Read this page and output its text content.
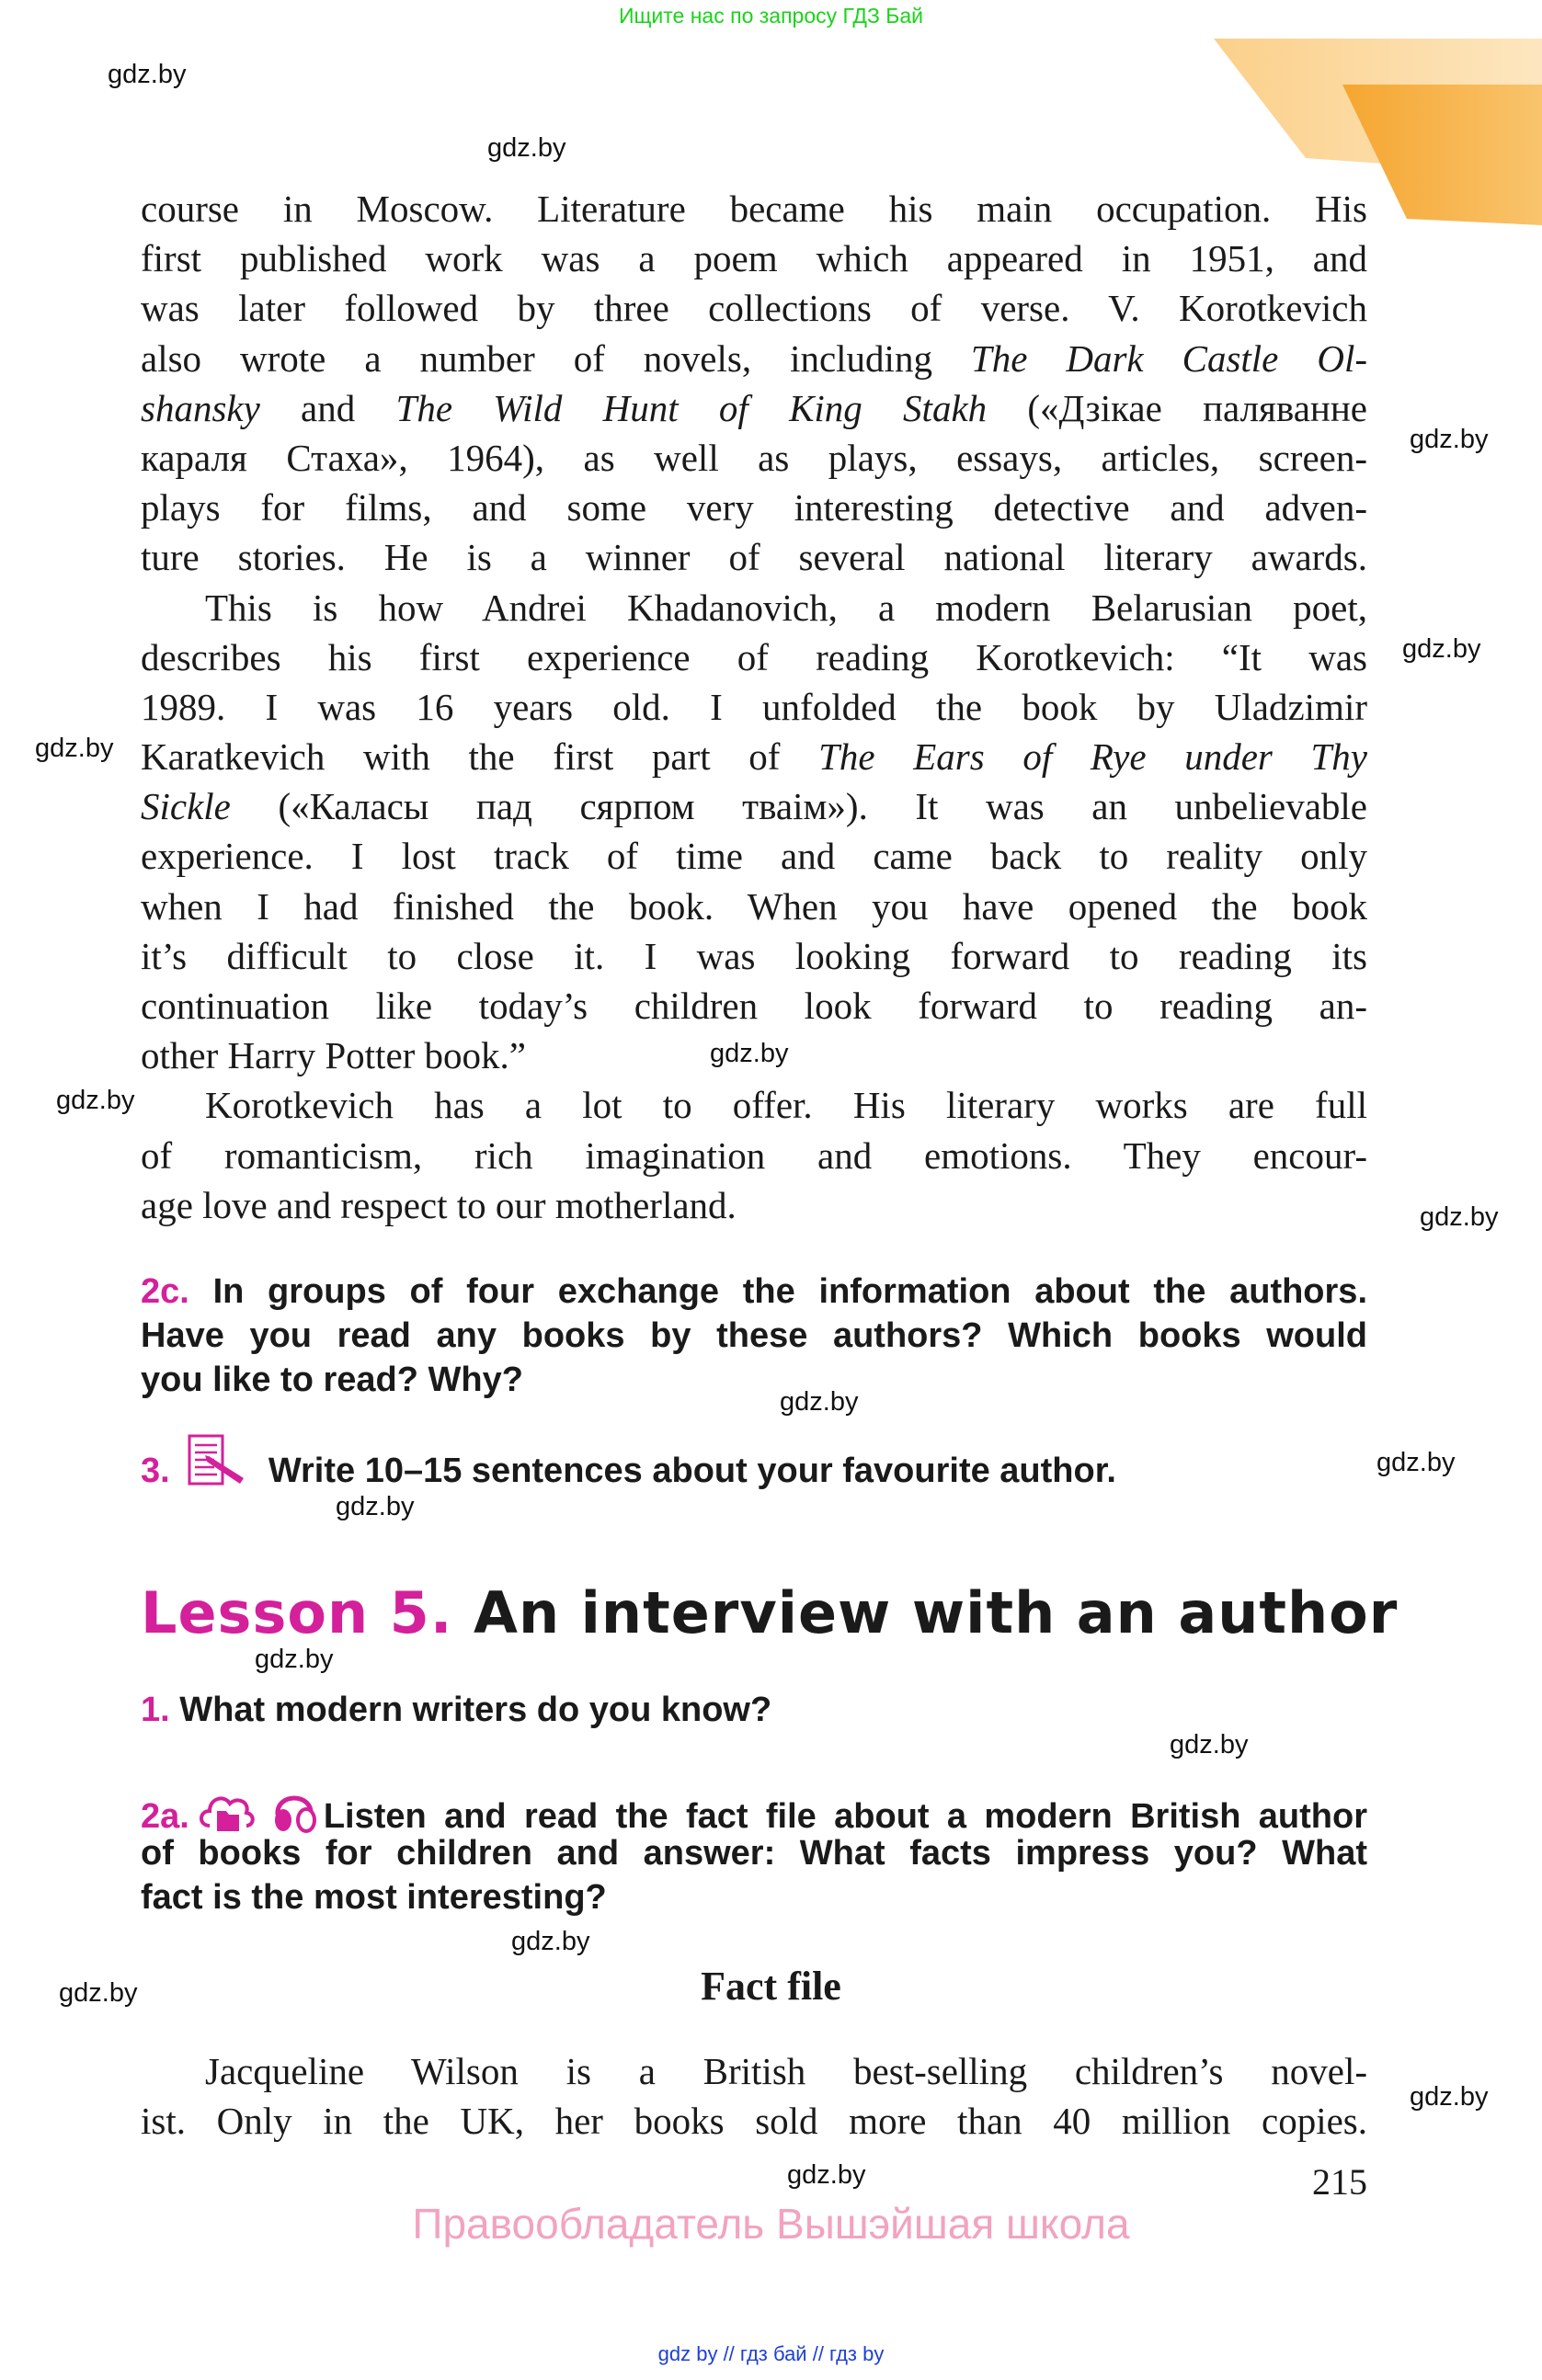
Ищите нас по запросу ГДЗ Бай
gdz.by
gdz.by
gdz.by
gdz.by
gdz.by
gdz.by
gdz.by
gdz.by
gdz.by
gdz.by
gdz.by
gdz.by
gdz.by
gdz.by
gdz.by
gdz.by
gdz.by
course in Moscow. Literature became his main occupation. His
first published work was a poem which appeared in 1951, and
was later followed by three collections of verse. V. Korotkevich
also wrote a number of novels, including The Dark Castle Ol-
shansky and The Wild Hunt of King Stakh («Дзікае паляванне
караля Стаха», 1964), as well as plays, essays, articles, screen-
plays for films, and some very interesting detective and adven-
ture stories. He is a winner of several national literary awards.
This is how Andrei Khadanovich, a modern Belarusian poet,
describes his first experience of reading Korotkevich: “It was
1989. I was 16 years old. I unfolded the book by Uladzimir
Karatkevich with the first part of The Ears of Rye under Thy
Sickle («Каласы пад сярпом тваім»). It was an unbelievable
experience. I lost track of time and came back to reality only
when I had finished the book. When you have opened the book
it’s difficult to close it. I was looking forward to reading its
continuation like today’s children look forward to reading an-
other Harry Potter book.”
Korotkevich has a lot to offer. His literary works are full
of romanticism, rich imagination and emotions. They encour-
age love and respect to our motherland.
2c. In groups of four exchange the information about the authors.
Have you read any books by these authors? Which books would
you like to read? Why?
3.	Write 10–15 sentences about your favourite author.
Lesson 5. An interview with an author
1. What modern writers do you know?
2a.	Listen and read the fact file about a modern British author
of books for children and answer: What facts impress you? What
fact is the most interesting?
Fact file
Jacqueline Wilson is a British best-selling children’s novel-
ist. Only in the UK, her books sold more than 40 million copies.
215
Правообладатель Вышэйшая школа
gdz by // гдз бай // гдз by
